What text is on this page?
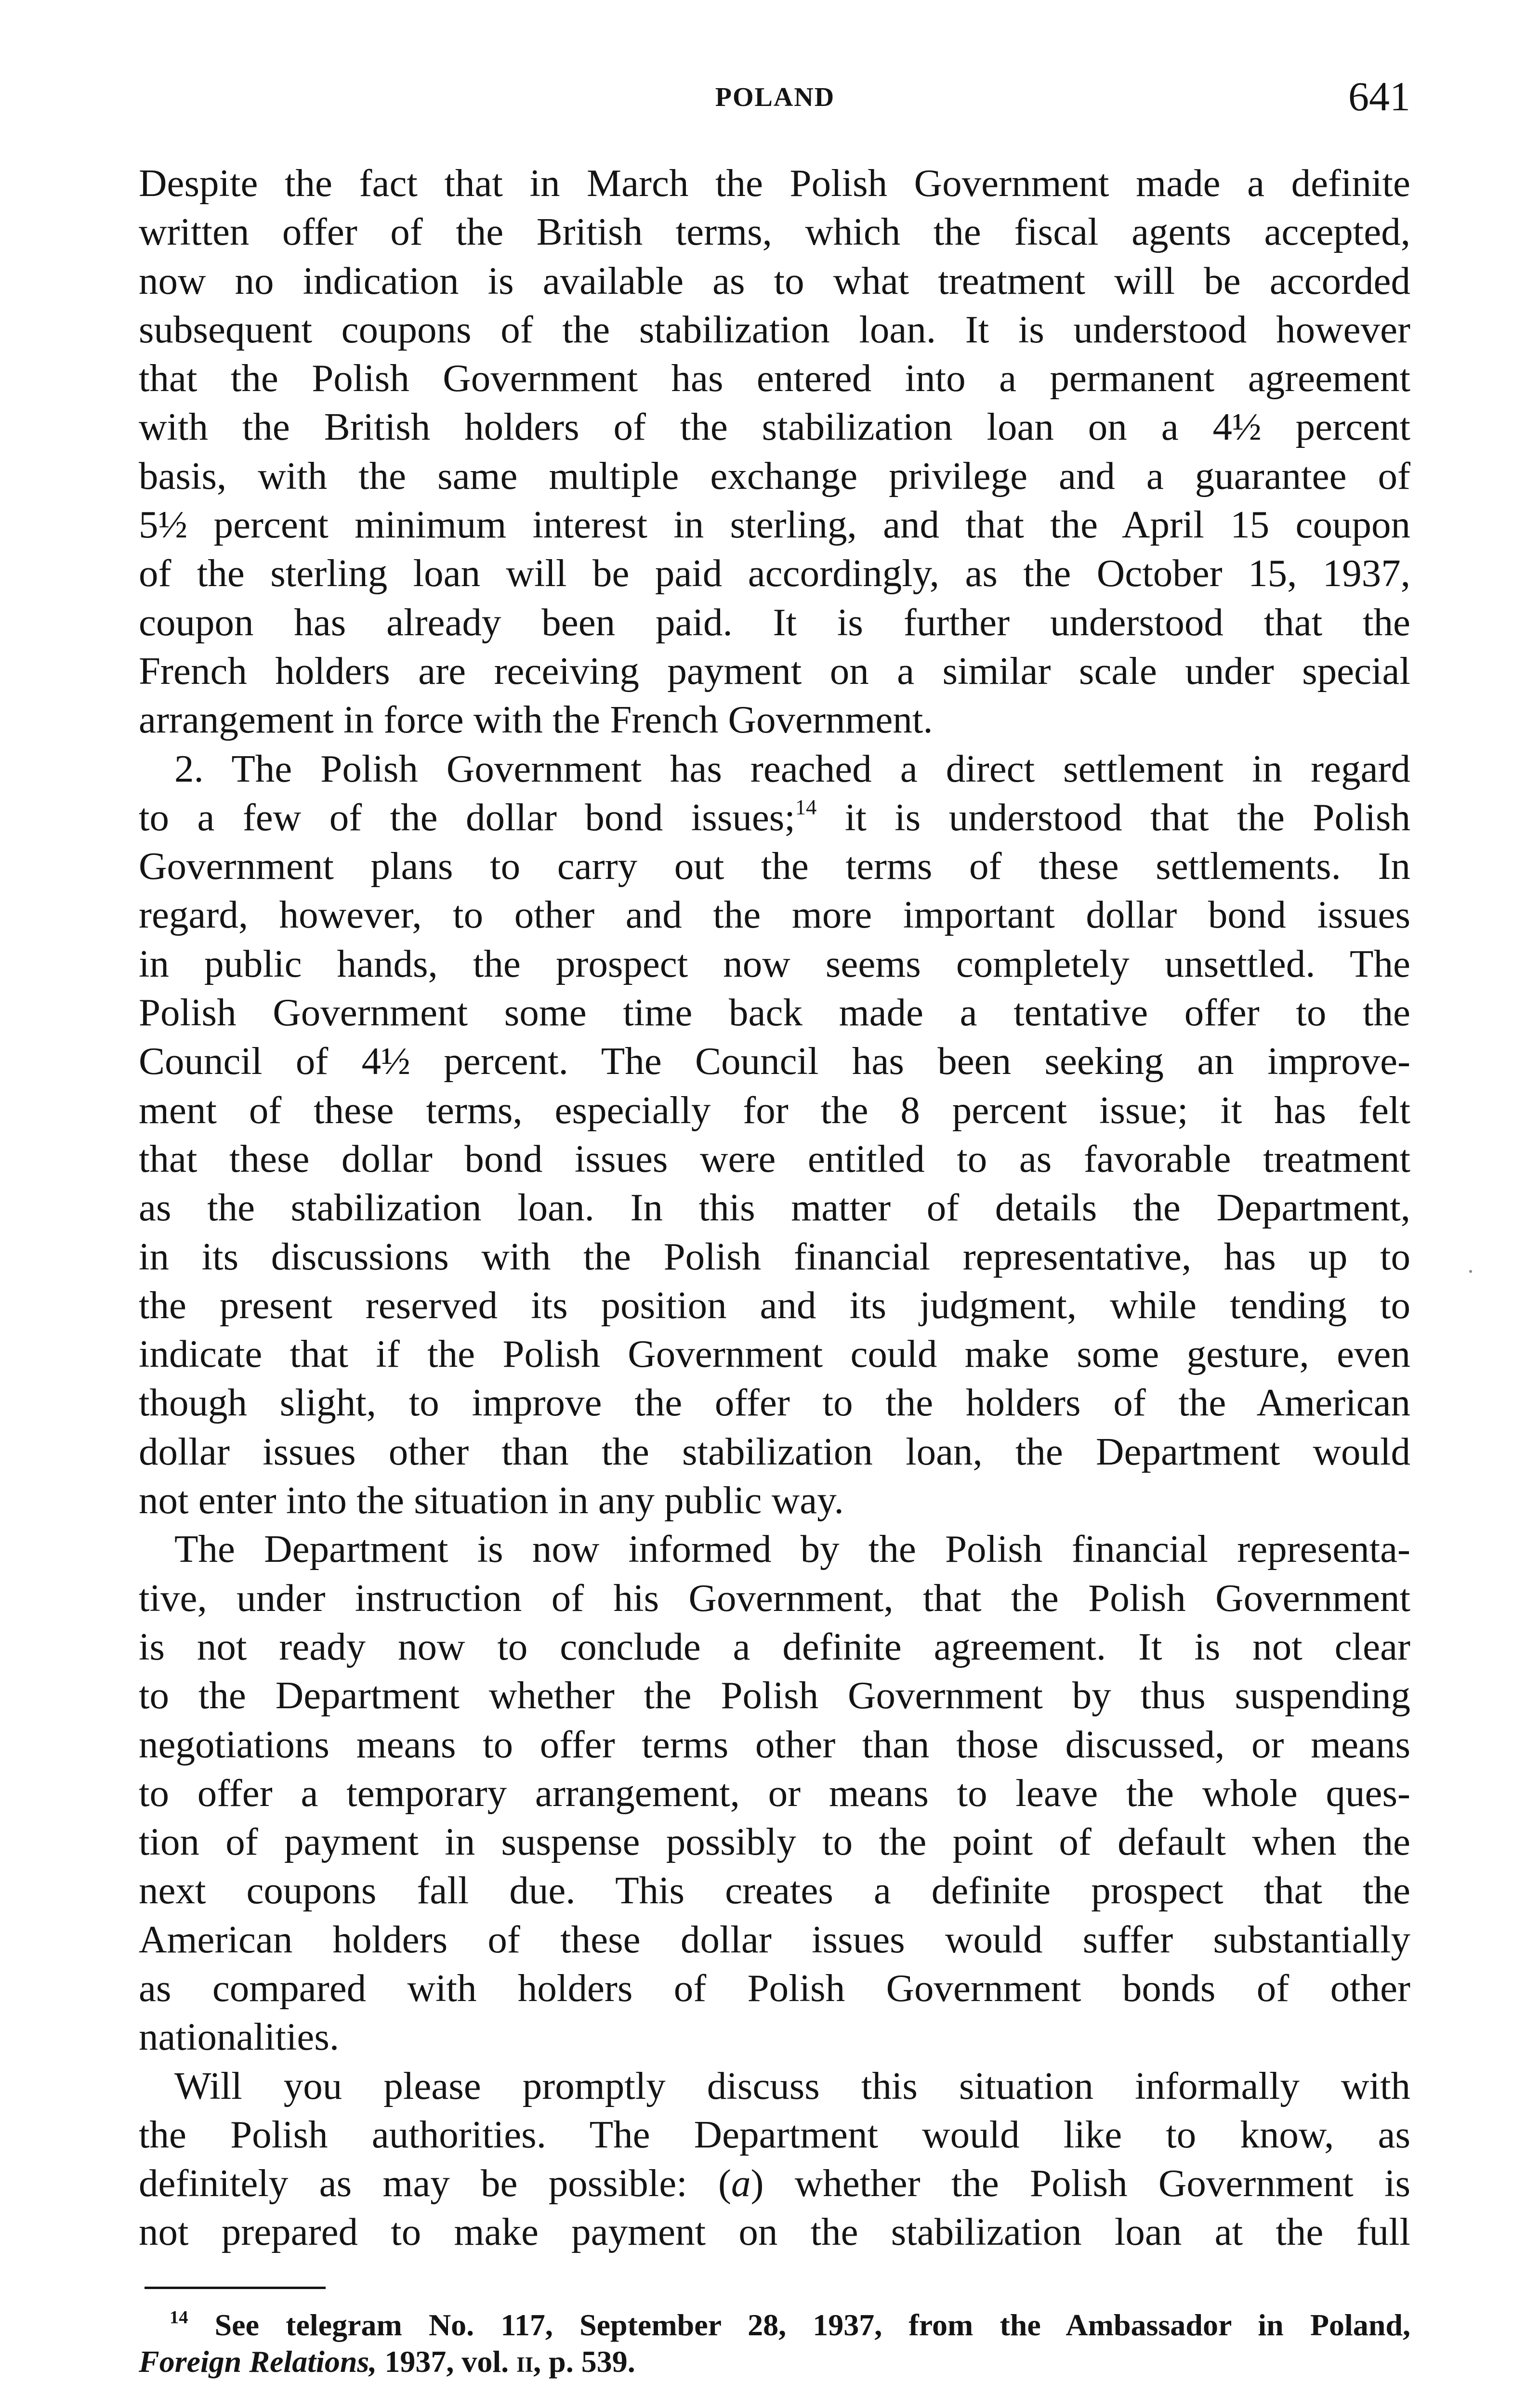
POLAND	641
Despite the fact that in March the Polish Government made a definite
written offer of the British terms, which the fiscal agents accepted,
now no indication is available as to what treatment will be accorded
subsequent coupons of the stabilization loan. It is understood however
that the Polish Government has entered into a permanent agreement
with the British holders of the stabilization loan on a 4½ percent
basis, with the same multiple exchange privilege and a guarantee of
5½ percent minimum interest in sterling, and that the April 15 coupon
of the sterling loan will be paid accordingly, as the October 15, 1937,
coupon has already been paid. It is further understood that the
French holders are receiving payment on a similar scale under special
arrangement in force with the French Government.
2. The Polish Government has reached a direct settlement in regard
to a few of the dollar bond issues;$^{14}$ it is understood that the Polish
Government plans to carry out the terms of these settlements. In
regard, however, to other and the more important dollar bond issues
in public hands, the prospect now seems completely unsettled. The
Polish Government some time back made a tentative offer to the
Council of 4½ percent. The Council has been seeking an improve-
ment of these terms, especially for the 8 percent issue; it has felt
that these dollar bond issues were entitled to as favorable treatment
as the stabilization loan. In this matter of details the Department,
in its discussions with the Polish financial representative, has up to
the present reserved its position and its judgment, while tending to
indicate that if the Polish Government could make some gesture, even
though slight, to improve the offer to the holders of the American
dollar issues other than the stabilization loan, the Department would
not enter into the situation in any public way.
The Department is now informed by the Polish financial representa-
tive, under instruction of his Government, that the Polish Government
is not ready now to conclude a definite agreement. It is not clear
to the Department whether the Polish Government by thus suspending
negotiations means to offer terms other than those discussed, or means
to offer a temporary arrangement, or means to leave the whole ques-
tion of payment in suspense possibly to the point of default when the
next coupons fall due. This creates a definite prospect that the
American holders of these dollar issues would suffer substantially
as compared with holders of Polish Government bonds of other
nationalities.
Will you please promptly discuss this situation informally with
the Polish authorities. The Department would like to know, as
definitely as may be possible: (a) whether the Polish Government is
not prepared to make payment on the stabilization loan at the full
$^{14}$ See telegram No. 117, September 28, 1937, from the Ambassador in Poland,
Foreign Relations, 1937, vol. ii, p. 539.
